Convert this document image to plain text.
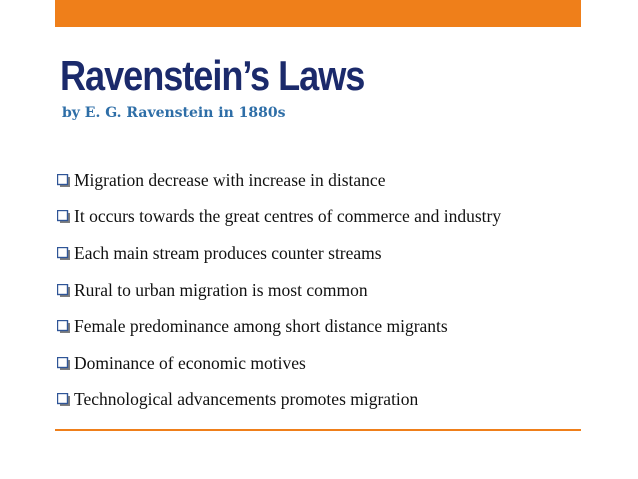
Ravenstein’s Laws
by E. G. Ravenstein in 1880s
Migration decrease with increase in distance
It occurs towards the great centres of commerce and industry
Each main stream produces counter streams
Rural to urban migration is most common
Female predominance among short distance migrants
Dominance of economic motives
Technological advancements promotes migration
